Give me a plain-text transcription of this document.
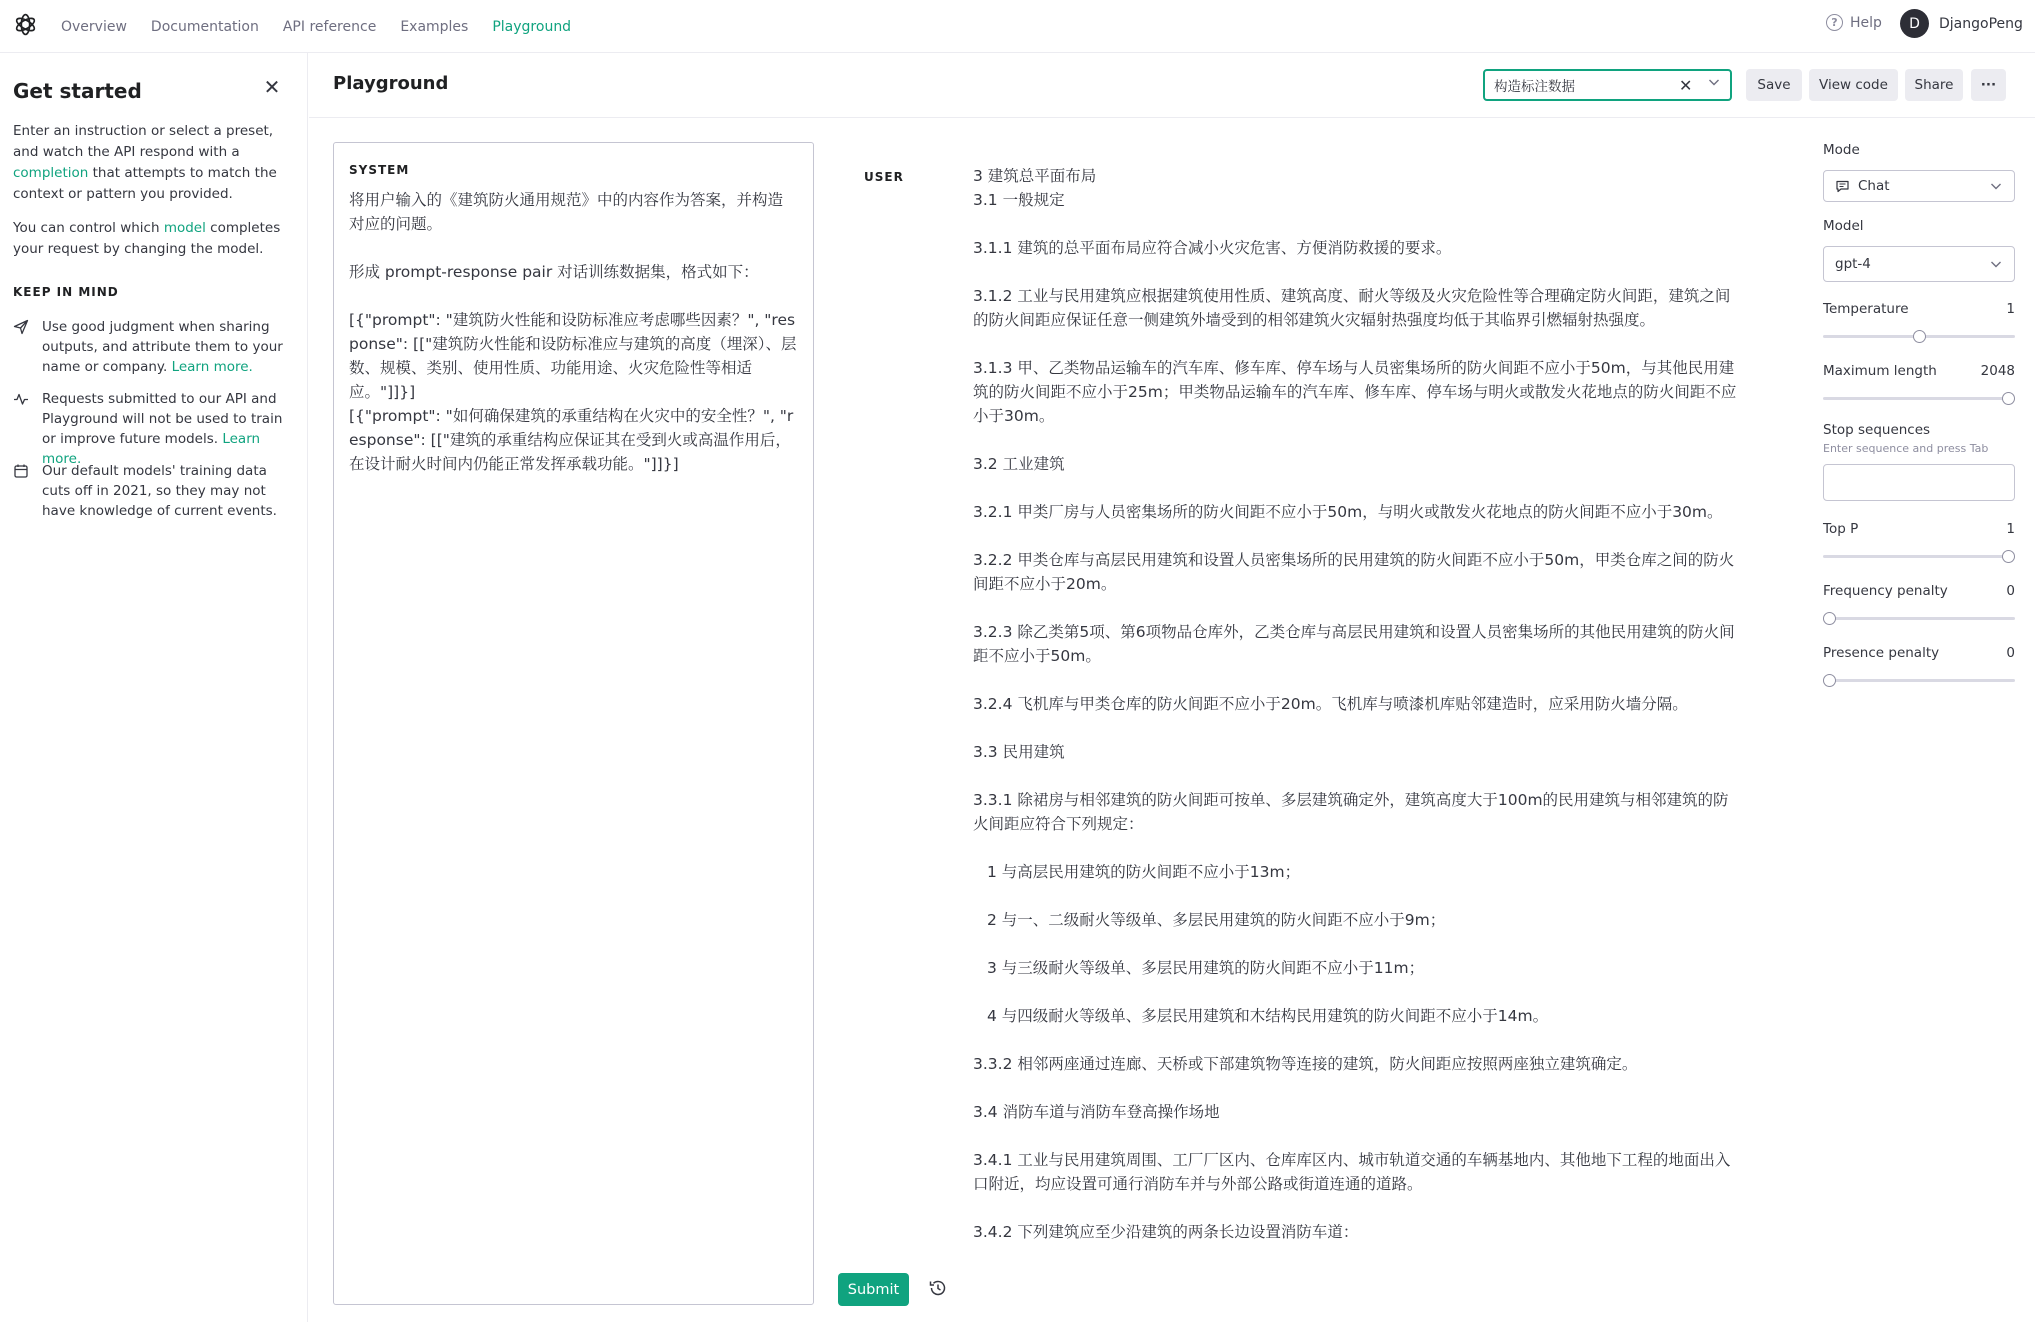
Overview Documentation API reference Examples Playground	? Help	D	DjangoPeng
Get started	✕
Enter an instruction or select a preset, and watch the API respond with a completion that attempts to match the context or pattern you provided.
You can control which model completes your request by changing the model.
KEEP IN MIND
Use good judgment when sharing outputs, and attribute them to your name or company. Learn more.
Requests submitted to our API and Playground will not be used to train or improve future models. Learn more.
Our default models' training data cuts off in 2021, so they may not have knowledge of current events.
Playground	构造标注数据	✕	Save	View code	Share	···
SYSTEM
将用户输入的《建筑防火通用规范》中的内容作为答案，并构造对应的问题。

形成 prompt-response pair 对话训练数据集，格式如下：

[{"prompt": "建筑防火性能和设防标准应考虑哪些因素？", "response": [["建筑防火性能和设防标准应与建筑的高度（埋深）、层数、规模、类别、使用性质、功能用途、火灾危险性等相适应。"]]}]
[{"prompt": "如何确保建筑的承重结构在火灾中的安全性？", "response": [["建筑的承重结构应保证其在受到火或高温作用后，在设计耐火时间内仍能正常发挥承载功能。"]]}]
USER	3 建筑总平面布局

3.1 一般规定

3.1.1 建筑的总平面布局应符合减小火灾危害、方便消防救援的要求。

3.1.2 工业与民用建筑应根据建筑使用性质、建筑高度、耐火等级及火灾危险性等合理确定防火间距，建筑之间的防火间距应保证任意一侧建筑外墙受到的相邻建筑火灾辐射热强度均低于其临界引燃辐射热强度。

3.1.3 甲、乙类物品运输车的汽车库、修车库、停车场与人员密集场所的防火间距不应小于50m，与其他民用建筑的防火间距不应小于25m；甲类物品运输车的汽车库、修车库、停车场与明火或散发火花地点的防火间距不应小于30m。

3.2 工业建筑

3.2.1 甲类厂房与人员密集场所的防火间距不应小于50m，与明火或散发火花地点的防火间距不应小于30m。

3.2.2 甲类仓库与高层民用建筑和设置人员密集场所的民用建筑的防火间距不应小于50m，甲类仓库之间的防火间距不应小于20m。

3.2.3 除乙类第5项、第6项物品仓库外，乙类仓库与高层民用建筑和设置人员密集场所的其他民用建筑的防火间距不应小于50m。

3.2.4 飞机库与甲类仓库的防火间距不应小于20m。飞机库与喷漆机库贴邻建造时，应采用防火墙分隔。

3.3 民用建筑

3.3.1 除裙房与相邻建筑的防火间距可按单、多层建筑确定外，建筑高度大于100m的民用建筑与相邻建筑的防火间距应符合下列规定：

1 与高层民用建筑的防火间距不应小于13m；

2 与一、二级耐火等级单、多层民用建筑的防火间距不应小于9m；

3 与三级耐火等级单、多层民用建筑的防火间距不应小于11m；

4 与四级耐火等级单、多层民用建筑和木结构民用建筑的防火间距不应小于14m。

3.3.2 相邻两座通过连廊、天桥或下部建筑物等连接的建筑，防火间距应按照两座独立建筑确定。

3.4 消防车道与消防车登高操作场地

3.4.1 工业与民用建筑周围、工厂厂区内、仓库库区内、城市轨道交通的车辆基地内、其他地下工程的地面出入口附近，均应设置可通行消防车并与外部公路或街道连通的道路。

3.4.2 下列建筑应至少沿建筑的两条长边设置消防车道：

Submit
Mode
Chat
Model
gpt-4
Temperature	1
Maximum length	2048
Stop sequences
Enter sequence and press Tab
Top P	1
Frequency penalty	0
Presence penalty	0
